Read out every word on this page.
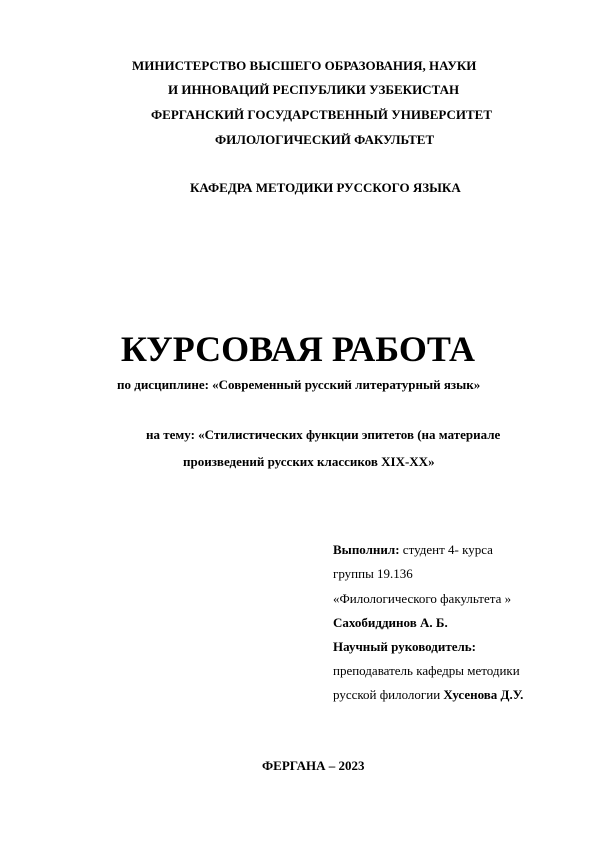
МИНИСТЕРСТВО ВЫСШЕГО ОБРАЗОВАНИЯ, НАУКИ
И ИННОВАЦИЙ РЕСПУБЛИКИ УЗБЕКИСТАН
ФЕРГАНСКИЙ ГОСУДАРСТВЕННЫЙ УНИВЕРСИТЕТ
ФИЛОЛОГИЧЕСКИЙ ФАКУЛЬТЕТ
КАФЕДРА МЕТОДИКИ РУССКОГО ЯЗЫКА
КУРСОВАЯ РАБОТА
по дисциплине: «Современный русский литературный язык»
на тему: «Стилистических функции эпитетов (на материале
произведений русских классиков XIX-XX»
Выполнил: студент 4- курса
группы 19.136
«Филологического факультета »
Сахобиддинов А. Б.
Научный руководитель:
преподаватель кафедры методики
русской филологии Хусенова Д.У.
ФЕРГАНА – 2023
